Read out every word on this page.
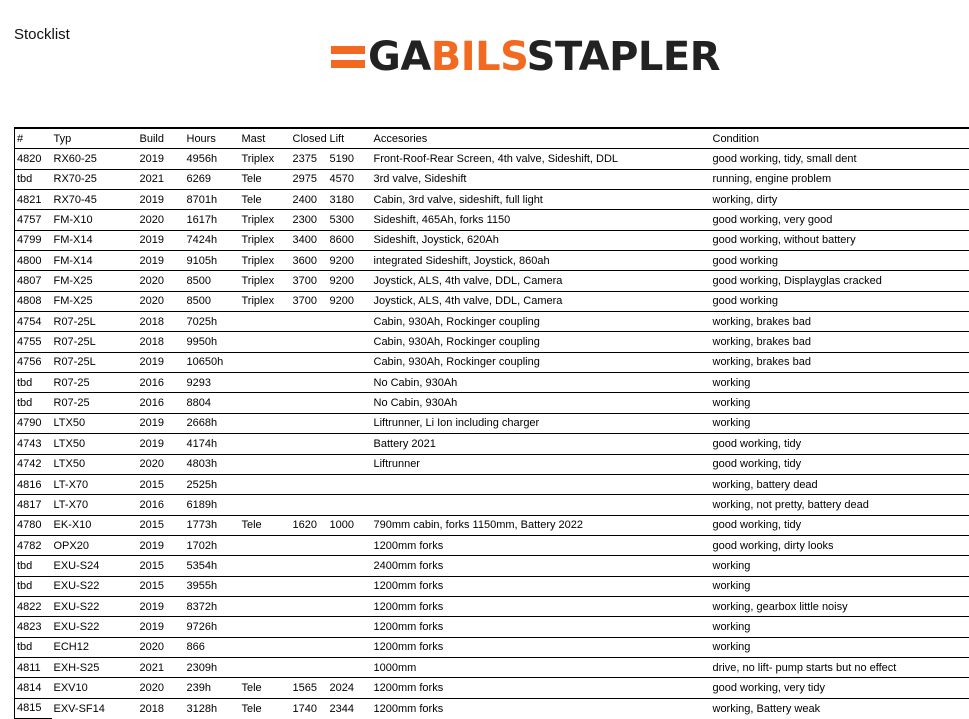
Stocklist	GABILSSTAPLER
#	Typ	Build	Hours	Mast	Closed	Lift	Accesories	Condition
4820	RX60-25	2019	4956h	Triplex	2375	5190	Front-Roof-Rear Screen, 4th valve, Sideshift, DDL	good working, tidy, small dent
tbd	RX70-25	2021	6269	Tele	2975	4570	3rd valve, Sideshift	running, engine problem
4821	RX70-45	2019	8701h	Tele	2400	3180	Cabin, 3rd valve, sideshift, full light	working, dirty
4757	FM-X10	2020	1617h	Triplex	2300	5300	Sideshift, 465Ah, forks 1150	good working, very good
4799	FM-X14	2019	7424h	Triplex	3400	8600	Sideshift, Joystick, 620Ah	good working, without battery
4800	FM-X14	2019	9105h	Triplex	3600	9200	integrated Sideshift, Joystick, 860ah	good working
4807	FM-X25	2020	8500	Triplex	3700	9200	Joystick, ALS, 4th valve, DDL, Camera	good working, Displayglas cracked
4808	FM-X25	2020	8500	Triplex	3700	9200	Joystick, ALS, 4th valve, DDL, Camera	good working
4754	R07-25L	2018	7025h				Cabin, 930Ah, Rockinger coupling	working, brakes bad
4755	R07-25L	2018	9950h				Cabin, 930Ah, Rockinger coupling	working, brakes bad
4756	R07-25L	2019	10650h				Cabin, 930Ah, Rockinger coupling	working, brakes bad
tbd	R07-25	2016	9293				No Cabin, 930Ah	working
tbd	R07-25	2016	8804				No Cabin, 930Ah	working
4790	LTX50	2019	2668h				Liftrunner, Li Ion including charger	working
4743	LTX50	2019	4174h				Battery 2021	good working, tidy
4742	LTX50	2020	4803h				Liftrunner	good working, tidy
4816	LT-X70	2015	2525h					working, battery dead
4817	LT-X70	2016	6189h					working, not pretty, battery dead
4780	EK-X10	2015	1773h	Tele	1620	1000	790mm cabin, forks 1150mm, Battery 2022	good working, tidy
4782	OPX20	2019	1702h				1200mm forks	good working, dirty looks
tbd	EXU-S24	2015	5354h				2400mm forks	working
tbd	EXU-S22	2015	3955h				1200mm forks	working
4822	EXU-S22	2019	8372h				1200mm forks	working, gearbox little noisy
4823	EXU-S22	2019	9726h				1200mm forks	working
tbd	ECH12	2020	866				1200mm forks	working
4811	EXH-S25	2021	2309h				1000mm	drive, no lift- pump starts but no effect
4814	EXV10	2020	239h	Tele	1565	2024	1200mm forks	good working, very tidy
4815	EXV-SF14	2018	3128h	Tele	1740	2344	1200mm forks	working, Battery weak
